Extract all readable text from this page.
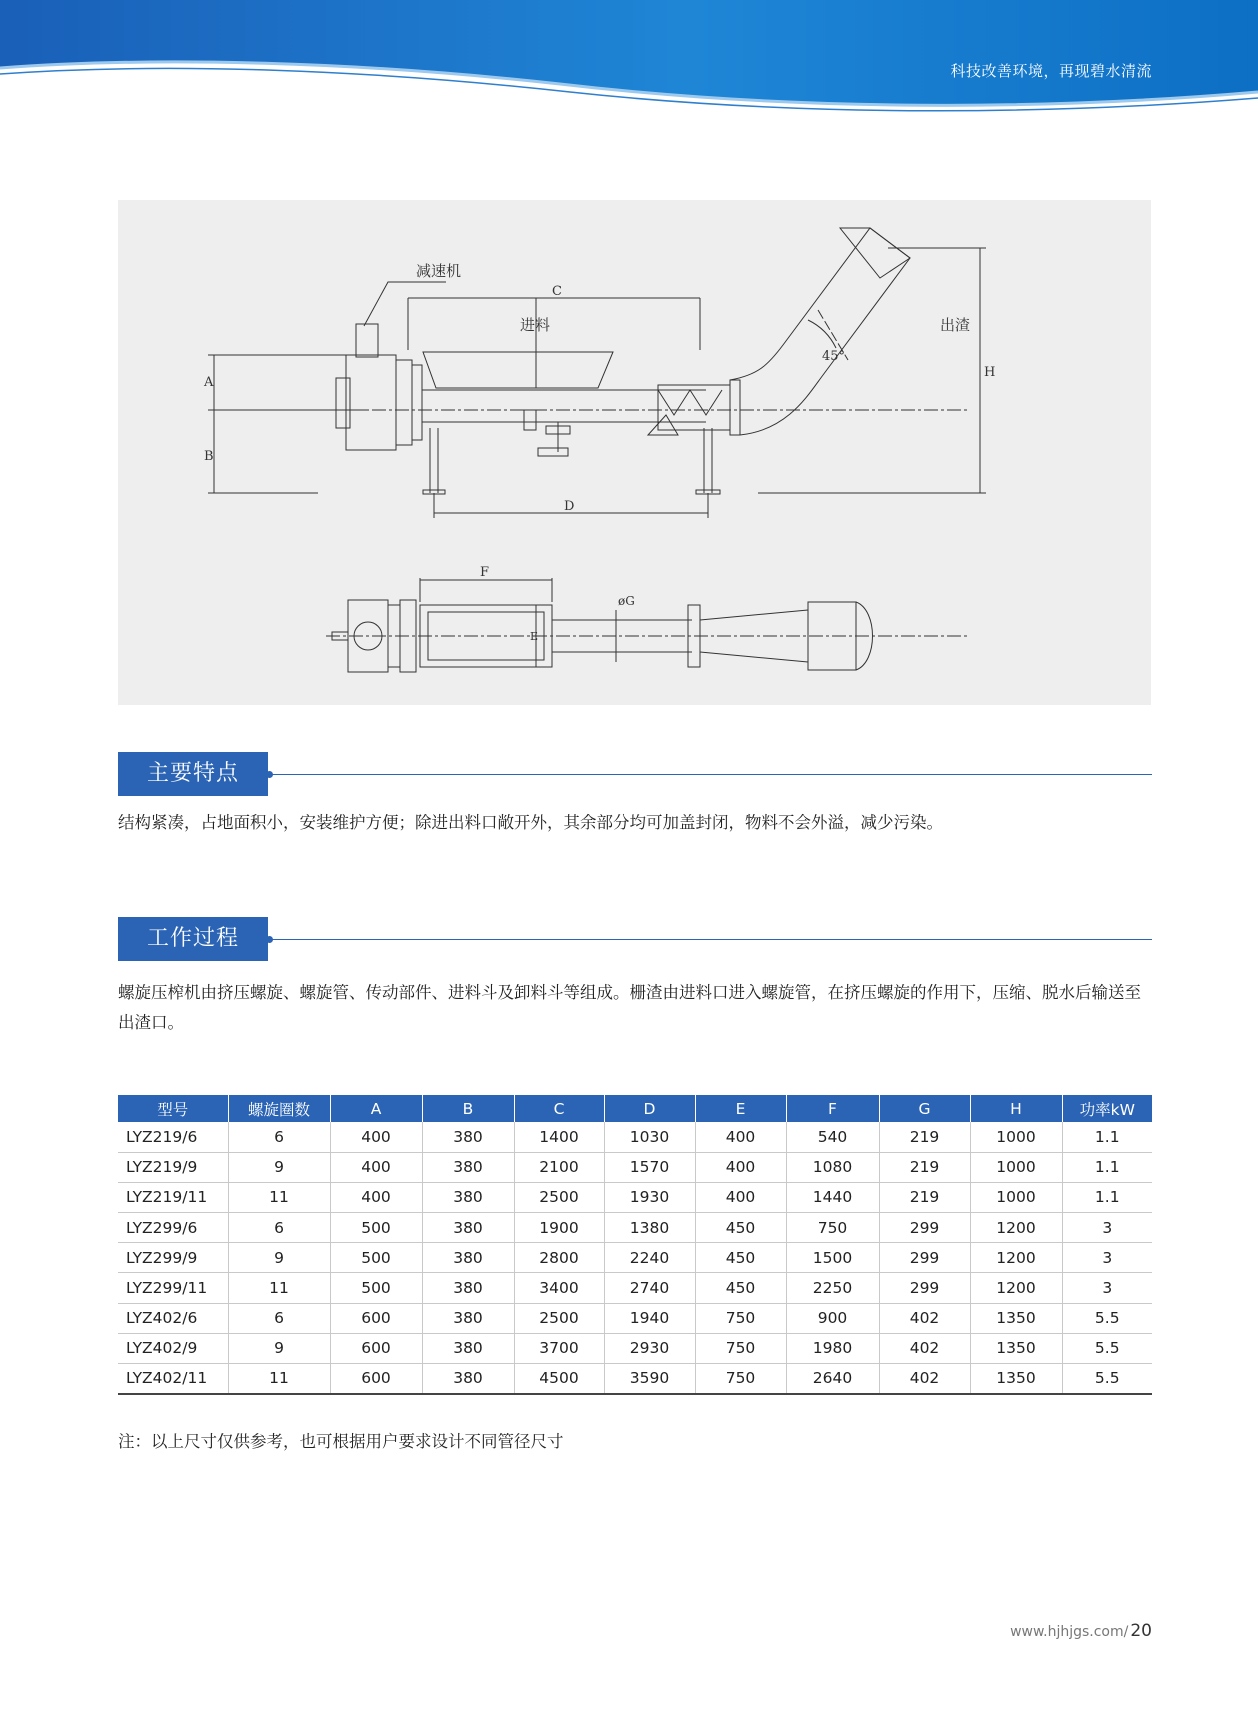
科技改善环境，再现碧水清流
减速机
进料	出渣
45°
A
B
C
D
E
F
øG
H
主要特点
结构紧凑，占地面积小，安装维护方便；除进出料口敞开外，其余部分均可加盖封闭，物料不会外溢，减少污染。
工作过程
螺旋压榨机由挤压螺旋、螺旋管、传动部件、进料斗及卸料斗等组成。栅渣由进料口进入螺旋管，在挤压螺旋的作用下，压缩、脱水后输送至出渣口。
型号	螺旋圈数	A	B	C	D	E	F	G	H	功率kW
LYZ219/6	6	400	380	1400	1030	400	540	219	1000	1.1
LYZ219/9	9	400	380	2100	1570	400	1080	219	1000	1.1
LYZ219/11	11	400	380	2500	1930	400	1440	219	1000	1.1
LYZ299/6	6	500	380	1900	1380	450	750	299	1200	3
LYZ299/9	9	500	380	2800	2240	450	1500	299	1200	3
LYZ299/11	11	500	380	3400	2740	450	2250	299	1200	3
LYZ402/6	6	600	380	2500	1940	750	900	402	1350	5.5
LYZ402/9	9	600	380	3700	2930	750	1980	402	1350	5.5
LYZ402/11	11	600	380	4500	3590	750	2640	402	1350	5.5
注：以上尺寸仅供参考，也可根据用户要求设计不同管径尺寸
www.hjhjgs.com/ 20
